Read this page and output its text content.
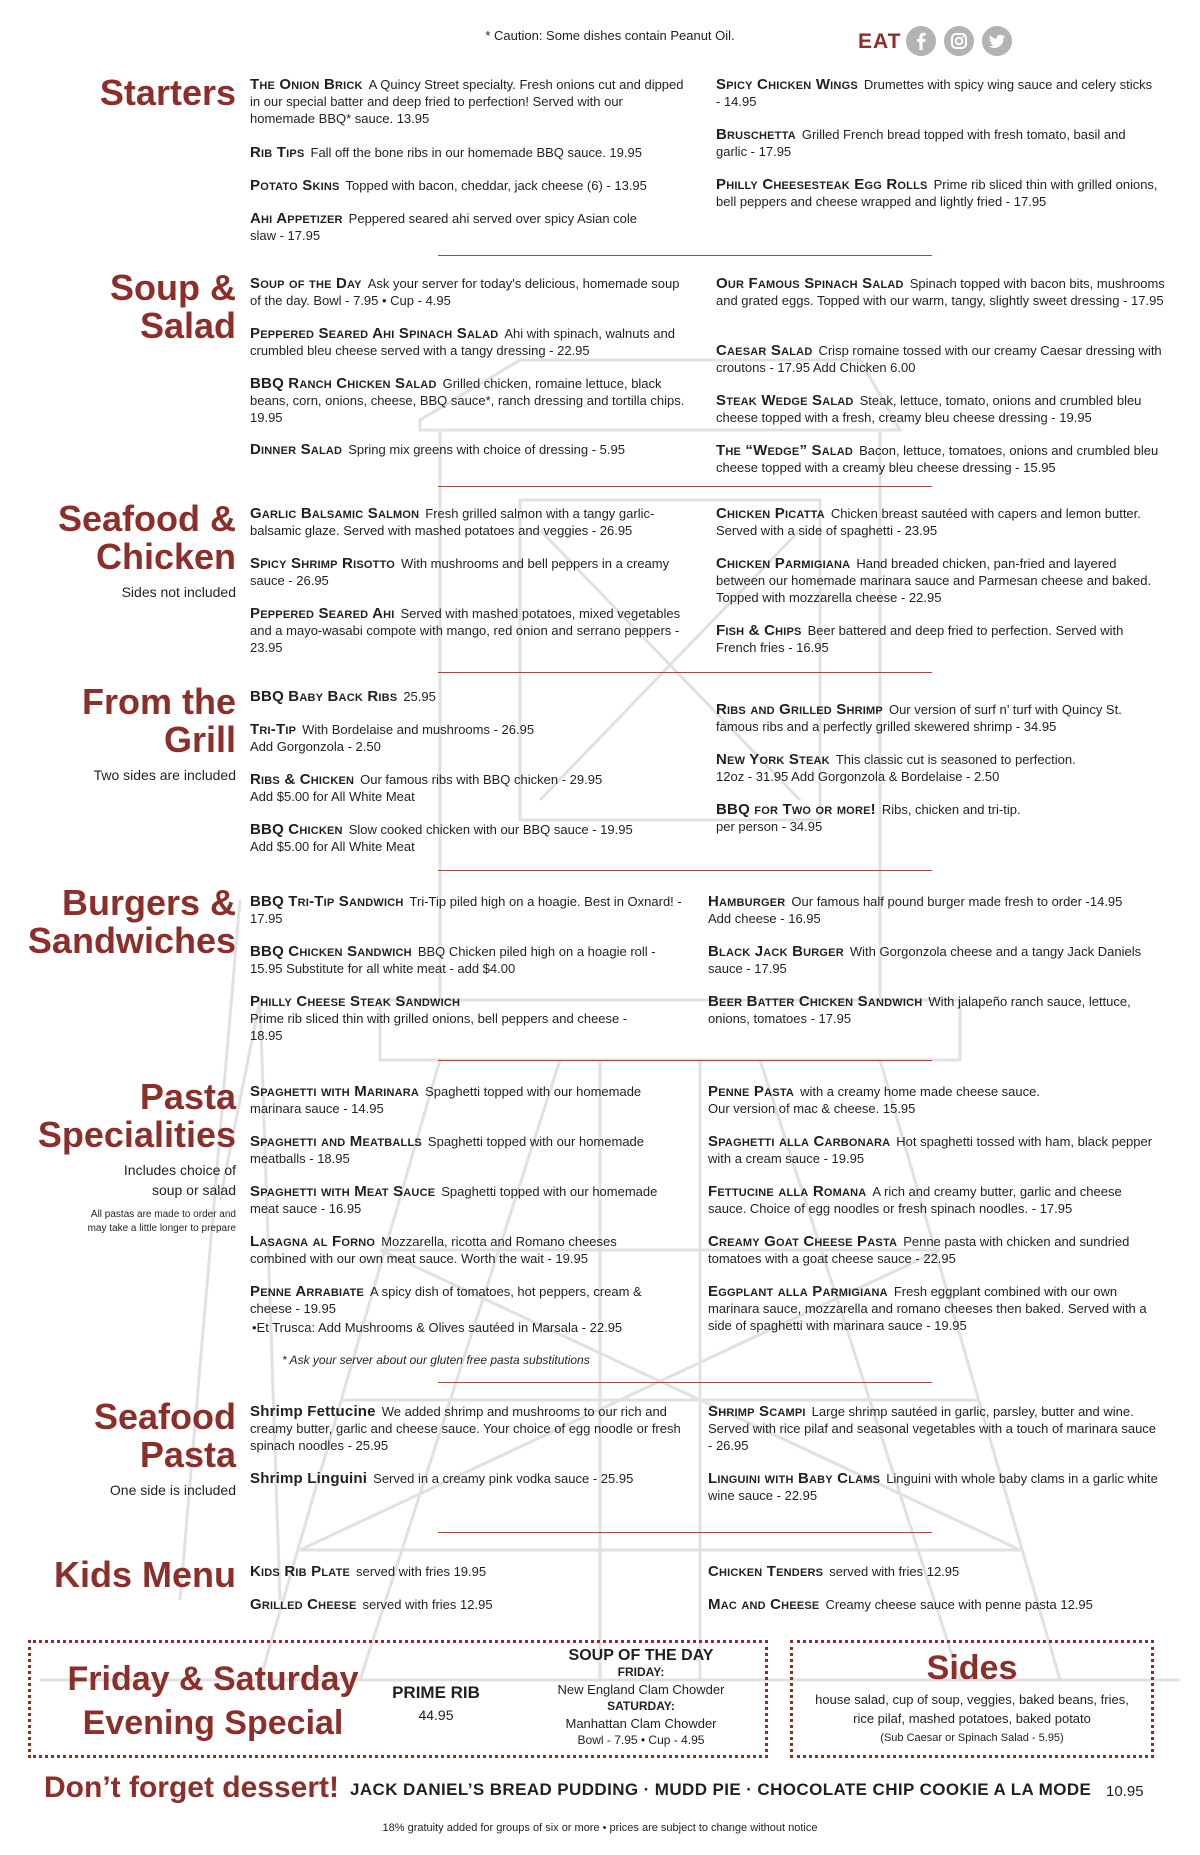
* Caution: Some dishes contain Peanut Oil.	EAT
Starters
Soup &
Salad
Seafood &
Chicken
Sides not included
From the
Grill
Two sides are included
Burgers &
Sandwiches
Pasta
Specialities
Includes choice of
soup or salad
All pastas are made to order and
may take a little longer to prepare
Seafood
Pasta
One side is included
Kids Menu
The Onion Brick A Quincy Street specialty. Fresh onions cut and dipped in our special batter and deep fried to perfection! Served with our homemade BBQ* sauce. 13.95
Rib Tips Fall off the bone ribs in our homemade BBQ sauce. 19.95
Potato Skins Topped with bacon, cheddar, jack cheese (6) - 13.95
Ahi Appetizer Peppered seared ahi served over spicy Asian cole slaw - 17.95
Spicy Chicken Wings Drumettes with spicy wing sauce and celery sticks - 14.95
Bruschetta Grilled French bread topped with fresh tomato, basil and garlic - 17.95
Philly Cheesesteak Egg Rolls Prime rib sliced thin with grilled onions, bell peppers and cheese wrapped and lightly fried - 17.95
Soup of the Day Ask your server for today's delicious, homemade soup of the day. Bowl - 7.95 • Cup - 4.95
Peppered Seared Ahi Spinach Salad Ahi with spinach, walnuts and crumbled bleu cheese served with a tangy dressing - 22.95
BBQ Ranch Chicken Salad Grilled chicken, romaine lettuce, black beans, corn, onions, cheese, BBQ sauce*, ranch dressing and tortilla chips. 19.95
Dinner Salad Spring mix greens with choice of dressing - 5.95
Our Famous Spinach Salad Spinach topped with bacon bits, mushrooms and grated eggs. Topped with our warm, tangy, slightly sweet dressing - 17.95
Caesar Salad Crisp romaine tossed with our creamy Caesar dressing with croutons - 17.95 Add Chicken 6.00
Steak Wedge Salad Steak, lettuce, tomato, onions and crumbled bleu cheese topped with a fresh, creamy bleu cheese dressing - 19.95
The “Wedge” Salad Bacon, lettuce, tomatoes, onions and crumbled bleu cheese topped with a creamy bleu cheese dressing - 15.95
Garlic Balsamic Salmon Fresh grilled salmon with a tangy garlic-balsamic glaze. Served with mashed potatoes and veggies - 26.95
Spicy Shrimp Risotto With mushrooms and bell peppers in a creamy sauce - 26.95
Peppered Seared Ahi Served with mashed potatoes, mixed vegetables and a mayo-wasabi compote with mango, red onion and serrano peppers - 23.95
Chicken Picatta Chicken breast sautéed with capers and lemon butter. Served with a side of spaghetti - 23.95
Chicken Parmigiana Hand breaded chicken, pan-fried and layered between our homemade marinara sauce and Parmesan cheese and baked. Topped with mozzarella cheese - 22.95
Fish & Chips Beer battered and deep fried to perfection. Served with French fries - 16.95
BBQ Baby Back Ribs 25.95
Tri-Tip With Bordelaise and mushrooms - 26.95
Add Gorgonzola - 2.50
Ribs & Chicken Our famous ribs with BBQ chicken - 29.95
Add $5.00 for All White Meat
BBQ Chicken Slow cooked chicken with our BBQ sauce - 19.95
Add $5.00 for All White Meat
Ribs and Grilled Shrimp Our version of surf n’ turf with Quincy St. famous ribs and a perfectly grilled skewered shrimp - 34.95
New York Steak This classic cut is seasoned to perfection.
12oz - 31.95 Add Gorgonzola & Bordelaise - 2.50
BBQ for Two or more! Ribs, chicken and tri-tip.
per person - 34.95
BBQ Tri-Tip Sandwich Tri-Tip piled high on a hoagie. Best in Oxnard! - 17.95
BBQ Chicken Sandwich BBQ Chicken piled high on a hoagie roll - 15.95 Substitute for all white meat - add $4.00
Philly Cheese Steak Sandwich
Prime rib sliced thin with grilled onions, bell peppers and cheese - 18.95
Hamburger Our famous half pound burger made fresh to order -14.95
Add cheese - 16.95
Black Jack Burger With Gorgonzola cheese and a tangy Jack Daniels sauce - 17.95
Beer Batter Chicken Sandwich With jalapeño ranch sauce, lettuce, onions, tomatoes - 17.95
Spaghetti with Marinara Spaghetti topped with our homemade marinara sauce - 14.95
Spaghetti and Meatballs Spaghetti topped with our homemade meatballs - 18.95
Spaghetti with Meat Sauce Spaghetti topped with our homemade meat sauce - 16.95
Lasagna al Forno Mozzarella, ricotta and Romano cheeses combined with our own meat sauce. Worth the wait - 19.95
Penne Arrabiate A spicy dish of tomatoes, hot peppers, cream & cheese - 19.95
•Et Trusca: Add Mushrooms & Olives sautéed in Marsala - 22.95
* Ask your server about our gluten free pasta substitutions
Penne Pasta with a creamy home made cheese sauce.
Our version of mac & cheese. 15.95
Spaghetti alla Carbonara Hot spaghetti tossed with ham, black pepper with a cream sauce - 19.95
Fettucine alla Romana A rich and creamy butter, garlic and cheese sauce. Choice of egg noodles or fresh spinach noodles. - 17.95
Creamy Goat Cheese Pasta Penne pasta with chicken and sundried tomatoes with a goat cheese sauce - 22.95
Eggplant alla Parmigiana Fresh eggplant combined with our own marinara sauce, mozzarella and romano cheeses then baked. Served with a side of spaghetti with marinara sauce - 19.95
Shrimp Fettucine We added shrimp and mushrooms to our rich and creamy butter, garlic and cheese sauce. Your choice of egg noodle or fresh spinach noodles - 25.95
Shrimp Linguini Served in a creamy pink vodka sauce - 25.95
Shrimp Scampi Large shrimp sautéed in garlic, parsley, butter and wine. Served with rice pilaf and seasonal vegetables with a touch of marinara sauce - 26.95
Linguini with Baby Clams Linguini with whole baby clams in a garlic white wine sauce - 22.95
Kids Rib Plate served with fries 19.95
Grilled Cheese served with fries 12.95
Chicken Tenders served with fries 12.95
Mac and Cheese Creamy cheese sauce with penne pasta 12.95
Friday & Saturday
Evening Special
PRIME RIB
44.95
SOUP OF THE DAY
FRIDAY:
New England Clam Chowder
SATURDAY:
Manhattan Clam Chowder
Bowl - 7.95 • Cup - 4.95
Sides
house salad, cup of soup, veggies, baked beans, fries, rice pilaf, mashed potatoes, baked potato
(Sub Caesar or Spinach Salad - 5.95)
Don’t forget dessert! JACK DANIEL’S BREAD PUDDING · MUDD PIE · CHOCOLATE CHIP COOKIE A LA MODE 10.95
18% gratuity added for groups of six or more • prices are subject to change without notice
